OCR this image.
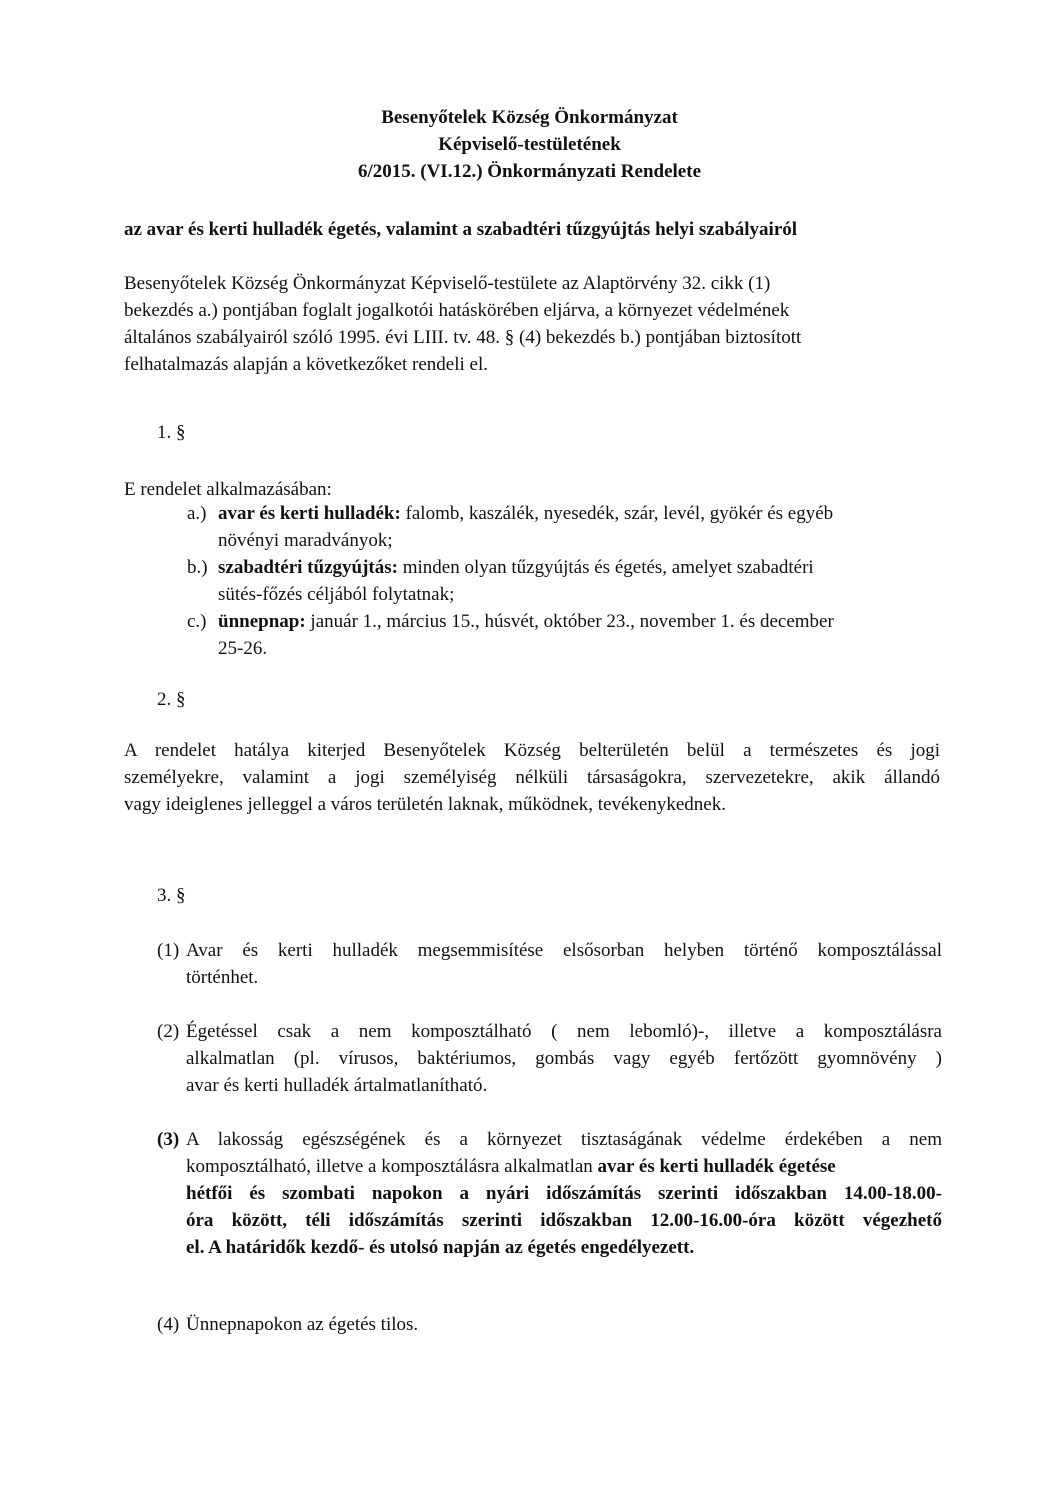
Besenyőtelek Község Önkormányzat
Képviselő-testületének
6/2015. (VI.12.) Önkormányzati Rendelete
az avar és kerti hulladék égetés, valamint a szabadtéri tűzgyújtás helyi szabályairól
Besenyőtelek Község Önkormányzat Képviselő-testülete az Alaptörvény 32. cikk (1)
bekezdés a.) pontjában foglalt jogalkotói hatáskörében eljárva, a környezet védelmének
általános szabályairól szóló 1995. évi LIII. tv. 48. § (4) bekezdés b.) pontjában biztosított
felhatalmazás alapján a következőket rendeli el.
1. §
E rendelet alkalmazásában:
a.) avar és kerti hulladék: falomb, kaszálék, nyesedék, szár, levél, gyökér és egyéb
növényi maradványok;
b.) szabadtéri tűzgyújtás: minden olyan tűzgyújtás és égetés, amelyet szabadtéri
sütés-főzés céljából folytatnak;
c.) ünnepnap: január 1., március 15., húsvét, október 23., november 1. és december
25-26.
2. §
A rendelet hatálya kiterjed Besenyőtelek Község belterületén belül a természetes és jogi
személyekre, valamint a jogi személyiség nélküli társaságokra, szervezetekre, akik állandó
vagy ideiglenes jelleggel a város területén laknak, működnek, tevékenykednek.
3. §
(1) Avar és kerti hulladék megsemmisítése elsősorban helyben történő komposztálással
történhet.
(2) Égetéssel csak a nem komposztálható ( nem lebomló)-, illetve a komposztálásra
alkalmatlan (pl. vírusos, baktériumos, gombás vagy egyéb fertőzött gyomnövény )
avar és kerti hulladék ártalmatlanítható.
(3) A lakosság egészségének és a környezet tisztaságának védelme érdekében a nem
komposztálható, illetve a komposztálásra alkalmatlan avar és kerti hulladék égetése
hétfői és szombati napokon a nyári időszámítás szerinti időszakban 14.00-18.00-
óra között, téli időszámítás szerinti időszakban 12.00-16.00-óra között végezhető
el. A határidők kezdő- és utolsó napján az égetés engedélyezett.
(4) Ünnepnapokon az égetés tilos.
